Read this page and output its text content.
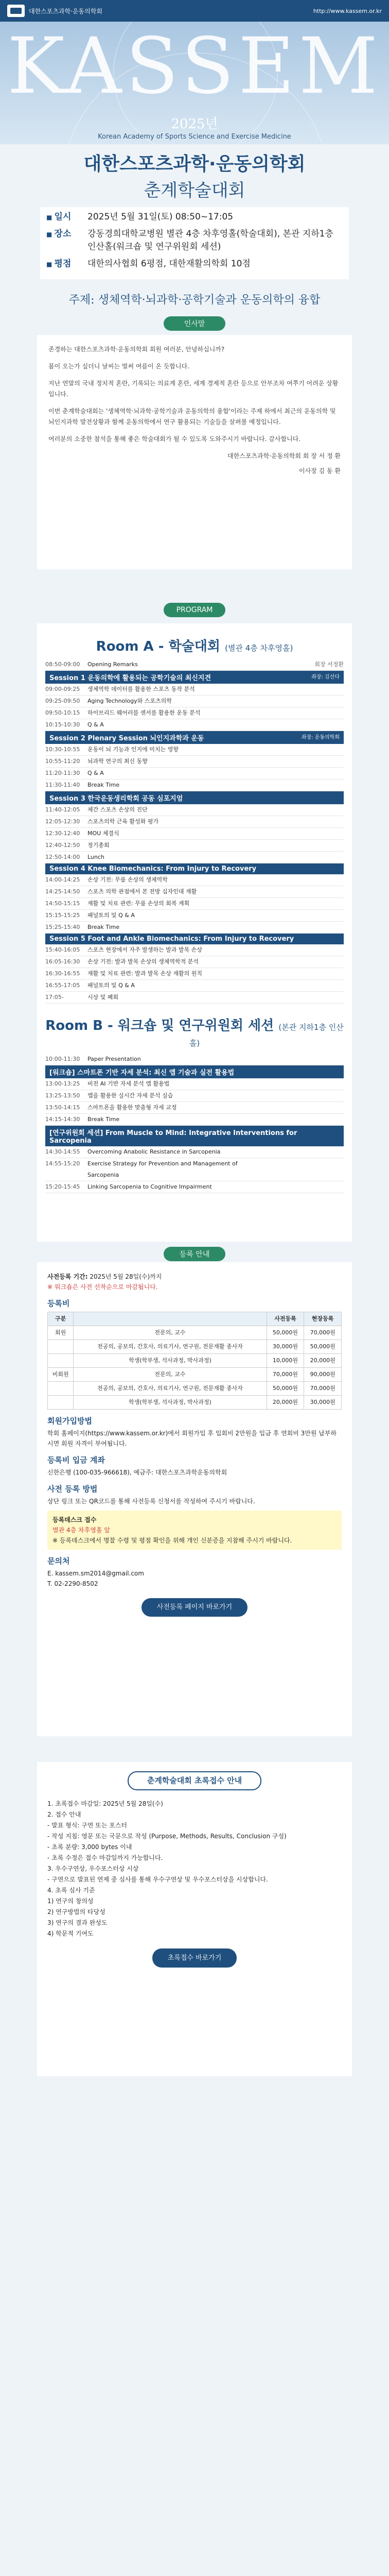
대한스포츠과학·운동의학회	http://www.kassem.or.kr
KASSEM
2025년
Korean Academy of Sports Science and Exercise Medicine
대한스포츠과학·운동의학회
춘계학술대회
■ 일시	2025년 5월 31일(토) 08:50~17:05
■ 장소	강동경희대학교병원 별관 4층 차후영홀(학술대회), 본관 지하1층 인산홀(워크숍 및 연구위원회 세션)
■ 평점	대한의사협회 6평점, 대한재활의학회 10점
주제: 생체역학·뇌과학·공학기술과 운동의학의 융합
인사말

존경하는 대한스포츠과학·운동의학회 회원 여러분, 안녕하십니까?

봄이 오는가 싶더니 날씨는 벌써 여름이 온 듯합니다.

지난 연말의 국내 정치적 혼란, 기록되는 의료계 혼란, 세계 경제적 혼란 등으로 안부조차 여쭈기 어려운 상황입니다.

이번 춘계학술대회는 '생체역학·뇌과학·공학기술과 운동의학의 융합'이라는 주제 하에서 최근의 운동의학 및 뇌인지과학 발전상황과 함께 운동의학에서 연구 활용되는 기술들을 살펴볼 예정입니다.

여러분의 소중한 참석을 통해 좋은 학술대회가 될 수 있도록 도와주시기 바랍니다. 감사합니다.

대한스포츠과학·운동의학회 회 장 서 정 환
이사장 김 동 환
PROGRAM
Room A - 학술대회 (별관 4층 차후영홀)
08:50-09:00	Opening Remarks	회장 서정환
Session 1 운동의학에 활용되는 공학기술의 최신지견	좌장: 김선다
09:00-09:25	생체역학 데이터를 활용한 스포츠 동작 분석
09:25-09:50	Aging Technology와 스포츠의학
09:50-10:15	하이브리드 웨어러블 센서를 활용한 운동 분석
10:15-10:30	Q & A
Session 2 Plenary Session 뇌인지과학과 운동	좌장: 운동의학회
10:30-10:55	운동이 뇌 기능과 인지에 미치는 영향
10:55-11:20	뇌과학 연구의 최신 동향
11:20-11:30	Q & A
11:30-11:40	Break Time
Session 3 한국운동생리학회 공동 심포지엄
11:40-12:05	체간 스포츠 손상의 진단
12:05-12:30	스포츠의학 근육 활성화 평가
12:30-12:40	MOU 체결식
12:40-12:50	정기총회
12:50-14:00	Lunch
Session 4 Knee Biomechanics: From Injury to Recovery
14:00-14:25	손상 기전: 무릎 손상의 생체역학
14:25-14:50	스포츠 의학 관점에서 본 전방 십자인대 재활
14:50-15:15	재활 및 치료 관련: 무릎 손상의 회복 계획
15:15-15:25	패널토의 및 Q & A
15:25-15:40	Break Time
Session 5 Foot and Ankle Biomechanics: From Injury to Recovery
15:40-16:05	스포츠 현장에서 자주 발생하는 발과 발목 손상
16:05-16:30	손상 기전: 발과 발목 손상의 생체역학적 분석
16:30-16:55	재활 및 치료 관련: 발과 발목 손상 재활의 원칙
16:55-17:05	패널토의 및 Q & A
17:05-	시상 및 폐회
Room B - 워크숍 및 연구위원회 세션 (본관 지하1층 인산홀)
10:00-11:30	Paper Presentation
[워크숍] 스마트폰 기반 자세 분석: 최신 앱 기술과 실전 활용법
13:00-13:25	비전 AI 기반 자세 분석 앱 활용법
13:25-13:50	앱을 활용한 실시간 자세 분석 실습
13:50-14:15	스마트폰을 활용한 맞춤형 자세 교정
14:15-14:30	Break Time
[연구위원회 세션] From Muscle to Mind: Integrative Interventions for Sarcopenia
14:30-14:55	Overcoming Anabolic Resistance in Sarcopenia
14:55-15:20	Exercise Strategy for Prevention and Management of Sarcopenia
15:20-15:45	Linking Sarcopenia to Cognitive Impairment
등록 안내
사전등록 기간: 2025년 5월 28일(수)까지
※ 워크숍은 사전 선착순으로 마감됩니다.
등록비
구분		사전등록	현장등록
회원	전문의, 교수	50,000원	70,000원
	전공의, 공보의, 간호사, 의료기사, 연구원, 전문재활 종사자	30,000원	50,000원
	학생(학부생, 석사과정, 박사과정)	10,000원	20,000원
비회원	전문의, 교수	70,000원	90,000원
	전공의, 공보의, 간호사, 의료기사, 연구원, 전문재활 종사자	50,000원	70,000원
	학생(학부생, 석사과정, 박사과정)	20,000원	30,000원
회원가입방법
학회 홈페이지(https://www.kassem.or.kr)에서 회원가입 후 입회비 2만원을 입금 후 연회비 3만원 납부하시면 회원 자격이 부여됩니다.
등록비 입금 계좌
신한은행 (100-035-966618), 예금주: 대한스포츠과학운동의학회
사전 등록 방법
상단 링크 또는 QR코드를 통해 사전등록 신청서를 작성하여 주시기 바랍니다.
등록데스크 접수
별관 4층 차후영홀 앞
※ 등록데스크에서 명찰 수령 및 평점 확인을 위해 개인 신분증을 지참해 주시기 바랍니다.
문의처
E. kassem.sm2014@gmail.com
T. 02-2290-8502
사전등록 페이지 바로가기
춘계학술대회 초록접수 안내
1. 초록접수 마감일: 2025년 5월 28일(수)
2. 접수 안내
- 발표 형식: 구연 또는 포스터
- 작성 지침: 영문 또는 국문으로 작성 (Purpose, Methods, Results, Conclusion 구성)
- 초록 분량: 3,000 bytes 이내
- 초록 수정은 접수 마감일까지 가능합니다.
3. 우수구연상, 우수포스터상 시상
- 구연으로 발표된 연제 중 심사를 통해 우수구연상 및 우수포스터상을 시상합니다.
4. 초록 심사 기준
1) 연구의 창의성
2) 연구방법의 타당성
3) 연구의 결과 완성도
4) 학문적 기여도
초록접수 바로가기
